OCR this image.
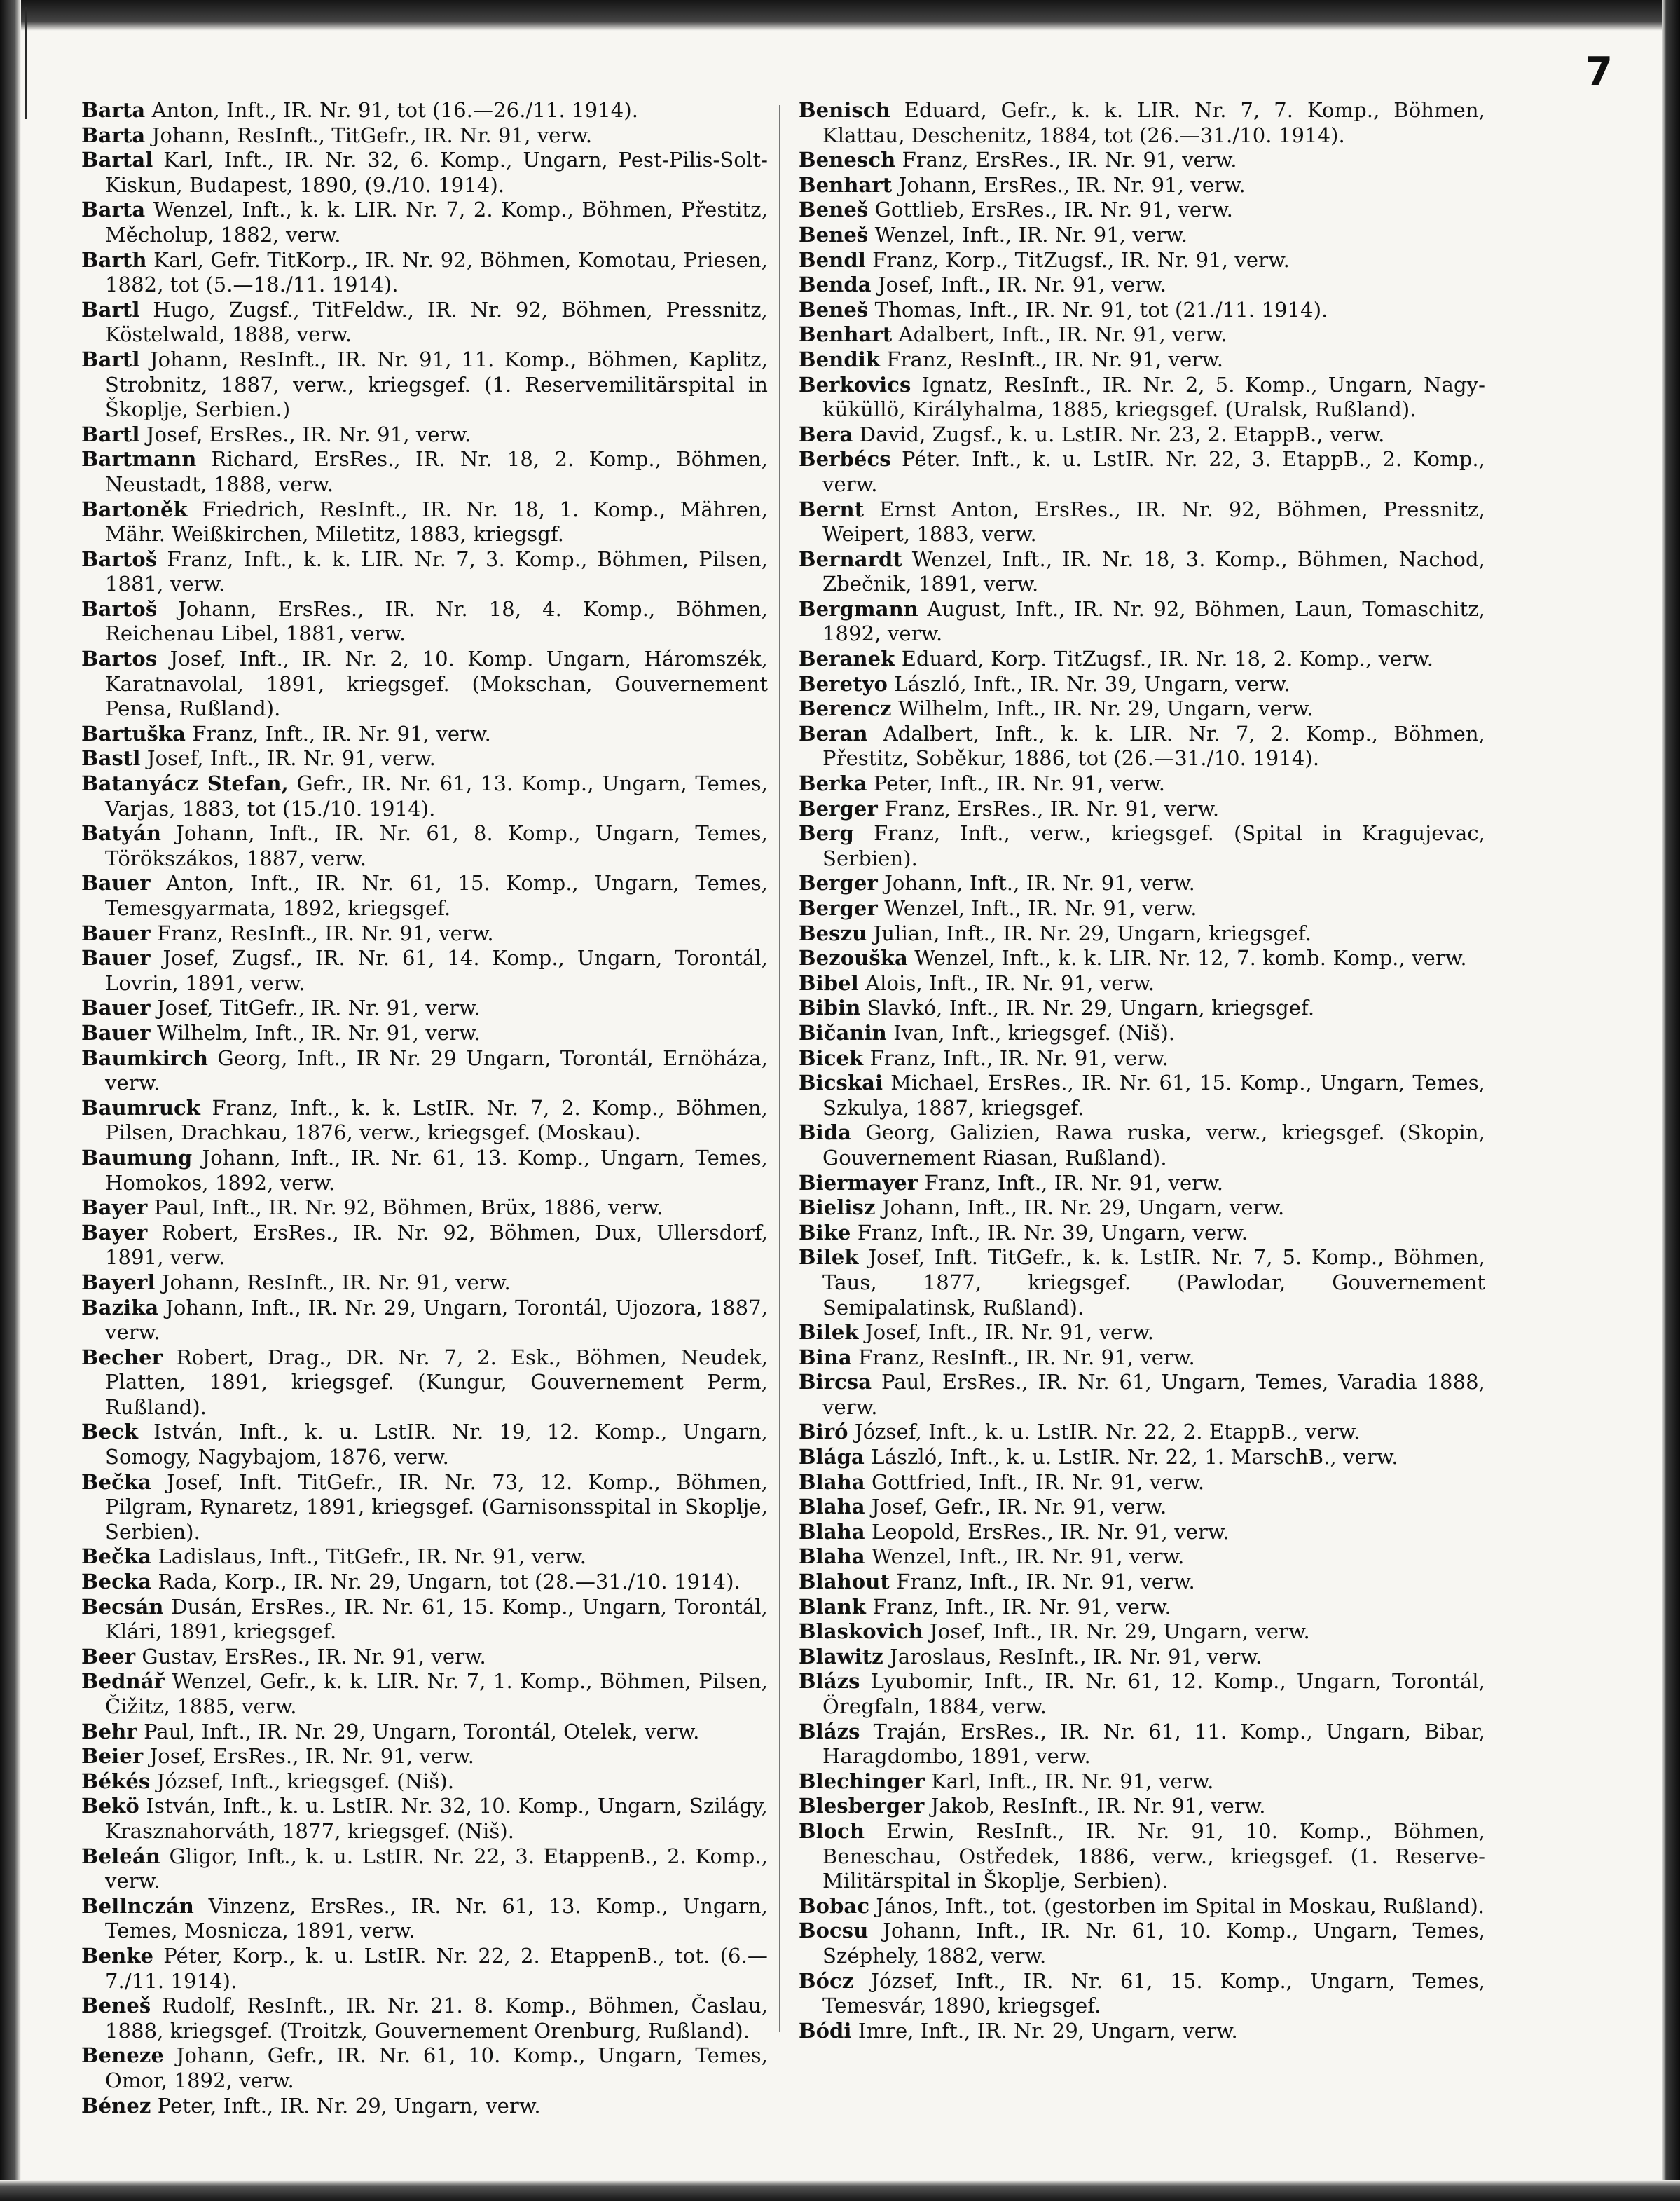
7
Barta Anton, Inft., IR. Nr. 91, tot (16.—26./11. 1914).
Barta Johann, ResInft., TitGefr., IR. Nr. 91, verw.
Bartal Karl, Inft., IR. Nr. 32, 6. Komp., Ungarn, Pest-Pilis-Solt-Kiskun, Budapest, 1890, (9./10. 1914).
Barta Wenzel, Inft., k. k. LIR. Nr. 7, 2. Komp., Böhmen, Přestitz, Měcholup, 1882, verw.
Barth Karl, Gefr. TitKorp., IR. Nr. 92, Böhmen, Komotau, Priesen, 1882, tot (5.—18./11. 1914).
Bartl Hugo, Zugsf., TitFeldw., IR. Nr. 92, Böhmen, Pressnitz, Köstelwald, 1888, verw.
Bartl Johann, ResInft., IR. Nr. 91, 11. Komp., Böhmen, Kaplitz, Strobnitz, 1887, verw., kriegsgef. (1. Reservemilitärspital in Škoplje, Serbien.)
Bartl Josef, ErsRes., IR. Nr. 91, verw.
Bartmann Richard, ErsRes., IR. Nr. 18, 2. Komp., Böhmen, Neustadt, 1888, verw.
Bartoněk Friedrich, ResInft., IR. Nr. 18, 1. Komp., Mähren, Mähr. Weißkirchen, Miletitz, 1883, kriegsgf.
Bartoš Franz, Inft., k. k. LIR. Nr. 7, 3. Komp., Böhmen, Pilsen, 1881, verw.
Bartoš Johann, ErsRes., IR. Nr. 18, 4. Komp., Böhmen, Reichenau Libel, 1881, verw.
Bartos Josef, Inft., IR. Nr. 2, 10. Komp. Ungarn, Háromszék, Karatnavolal, 1891, kriegsgef. (Mokschan, Gouvernement Pensa, Rußland).
Bartuška Franz, Inft., IR. Nr. 91, verw.
Bastl Josef, Inft., IR. Nr. 91, verw.
Batanyácz Stefan, Gefr., IR. Nr. 61, 13. Komp., Ungarn, Temes, Varjas, 1883, tot (15./10. 1914).
Batyán Johann, Inft., IR. Nr. 61, 8. Komp., Ungarn, Temes, Törökszákos, 1887, verw.
Bauer Anton, Inft., IR. Nr. 61, 15. Komp., Ungarn, Temes, Temesgyarmata, 1892, kriegsgef.
Bauer Franz, ResInft., IR. Nr. 91, verw.
Bauer Josef, Zugsf., IR. Nr. 61, 14. Komp., Ungarn, Torontál, Lovrin, 1891, verw.
Bauer Josef, TitGefr., IR. Nr. 91, verw.
Bauer Wilhelm, Inft., IR. Nr. 91, verw.
Baumkirch Georg, Inft., IR Nr. 29 Ungarn, Torontál, Ernöháza, verw.
Baumruck Franz, Inft., k. k. LstIR. Nr. 7, 2. Komp., Böhmen, Pilsen, Drachkau, 1876, verw., kriegsgef. (Moskau).
Baumung Johann, Inft., IR. Nr. 61, 13. Komp., Ungarn, Temes, Homokos, 1892, verw.
Bayer Paul, Inft., IR. Nr. 92, Böhmen, Brüx, 1886, verw.
Bayer Robert, ErsRes., IR. Nr. 92, Böhmen, Dux, Ullersdorf, 1891, verw.
Bayerl Johann, ResInft., IR. Nr. 91, verw.
Bazika Johann, Inft., IR. Nr. 29, Ungarn, Torontál, Ujozora, 1887, verw.
Becher Robert, Drag., DR. Nr. 7, 2. Esk., Böhmen, Neudek, Platten, 1891, kriegsgef. (Kungur, Gouvernement Perm, Rußland).
Beck István, Inft., k. u. LstIR. Nr. 19, 12. Komp., Ungarn, Somogy, Nagybajom, 1876, verw.
Bečka Josef, Inft. TitGefr., IR. Nr. 73, 12. Komp., Böhmen, Pilgram, Rynaretz, 1891, kriegsgef. (Garnisonsspital in Skoplje, Serbien).
Bečka Ladislaus, Inft., TitGefr., IR. Nr. 91, verw.
Becka Rada, Korp., IR. Nr. 29, Ungarn, tot (28.—31./10. 1914).
Becsán Dusán, ErsRes., IR. Nr. 61, 15. Komp., Ungarn, Torontál, Klári, 1891, kriegsgef.
Beer Gustav, ErsRes., IR. Nr. 91, verw.
Bednář Wenzel, Gefr., k. k. LIR. Nr. 7, 1. Komp., Böhmen, Pilsen, Čižitz, 1885, verw.
Behr Paul, Inft., IR. Nr. 29, Ungarn, Torontál, Otelek, verw.
Beier Josef, ErsRes., IR. Nr. 91, verw.
Békés József, Inft., kriegsgef. (Niš).
Bekö István, Inft., k. u. LstIR. Nr. 32, 10. Komp., Ungarn, Szilágy, Krasznahorváth, 1877, kriegsgef. (Niš).
Beleán Gligor, Inft., k. u. LstIR. Nr. 22, 3. EtappenB., 2. Komp., verw.
Bellnczán Vinzenz, ErsRes., IR. Nr. 61, 13. Komp., Ungarn, Temes, Mosnicza, 1891, verw.
Benke Péter, Korp., k. u. LstIR. Nr. 22, 2. EtappenB., tot. (6.—7./11. 1914).
Beneš Rudolf, ResInft., IR. Nr. 21. 8. Komp., Böhmen, Časlau, 1888, kriegsgef. (Troitzk, Gouvernement Orenburg, Rußland).
Beneze Johann, Gefr., IR. Nr. 61, 10. Komp., Ungarn, Temes, Omor, 1892, verw.
Bénez Peter, Inft., IR. Nr. 29, Ungarn, verw.
Benisch Eduard, Gefr., k. k. LIR. Nr. 7, 7. Komp., Böhmen, Klattau, Deschenitz, 1884, tot (26.—31./10. 1914).
Benesch Franz, ErsRes., IR. Nr. 91, verw.
Benhart Johann, ErsRes., IR. Nr. 91, verw.
Beneš Gottlieb, ErsRes., IR. Nr. 91, verw.
Beneš Wenzel, Inft., IR. Nr. 91, verw.
Bendl Franz, Korp., TitZugsf., IR. Nr. 91, verw.
Benda Josef, Inft., IR. Nr. 91, verw.
Beneš Thomas, Inft., IR. Nr. 91, tot (21./11. 1914).
Benhart Adalbert, Inft., IR. Nr. 91, verw.
Bendik Franz, ResInft., IR. Nr. 91, verw.
Berkovics Ignatz, ResInft., IR. Nr. 2, 5. Komp., Ungarn, Nagy-küküllö, Királyhalma, 1885, kriegsgef. (Uralsk, Rußland).
Bera David, Zugsf., k. u. LstIR. Nr. 23, 2. EtappB., verw.
Berbécs Péter. Inft., k. u. LstIR. Nr. 22, 3. EtappB., 2. Komp., verw.
Bernt Ernst Anton, ErsRes., IR. Nr. 92, Böhmen, Pressnitz, Weipert, 1883, verw.
Bernardt Wenzel, Inft., IR. Nr. 18, 3. Komp., Böhmen, Nachod, Zbečnik, 1891, verw.
Bergmann August, Inft., IR. Nr. 92, Böhmen, Laun, Tomaschitz, 1892, verw.
Beranek Eduard, Korp. TitZugsf., IR. Nr. 18, 2. Komp., verw.
Beretyo László, Inft., IR. Nr. 39, Ungarn, verw.
Berencz Wilhelm, Inft., IR. Nr. 29, Ungarn, verw.
Beran Adalbert, Inft., k. k. LIR. Nr. 7, 2. Komp., Böhmen, Přestitz, Soběkur, 1886, tot (26.—31./10. 1914).
Berka Peter, Inft., IR. Nr. 91, verw.
Berger Franz, ErsRes., IR. Nr. 91, verw.
Berg Franz, Inft., verw., kriegsgef. (Spital in Kragujevac, Serbien).
Berger Johann, Inft., IR. Nr. 91, verw.
Berger Wenzel, Inft., IR. Nr. 91, verw.
Beszu Julian, Inft., IR. Nr. 29, Ungarn, kriegsgef.
Bezouška Wenzel, Inft., k. k. LIR. Nr. 12, 7. komb. Komp., verw.
Bibel Alois, Inft., IR. Nr. 91, verw.
Bibin Slavkó, Inft., IR. Nr. 29, Ungarn, kriegsgef.
Bičanin Ivan, Inft., kriegsgef. (Niš).
Bicek Franz, Inft., IR. Nr. 91, verw.
Bicskai Michael, ErsRes., IR. Nr. 61, 15. Komp., Ungarn, Temes, Szkulya, 1887, kriegsgef.
Bida Georg, Galizien, Rawa ruska, verw., kriegsgef. (Skopin, Gouvernement Riasan, Rußland).
Biermayer Franz, Inft., IR. Nr. 91, verw.
Bielisz Johann, Inft., IR. Nr. 29, Ungarn, verw.
Bike Franz, Inft., IR. Nr. 39, Ungarn, verw.
Bilek Josef, Inft. TitGefr., k. k. LstIR. Nr. 7, 5. Komp., Böhmen, Taus, 1877, kriegsgef. (Pawlodar, Gouvernement Semipalatinsk, Rußland).
Bilek Josef, Inft., IR. Nr. 91, verw.
Bina Franz, ResInft., IR. Nr. 91, verw.
Bircsa Paul, ErsRes., IR. Nr. 61, Ungarn, Temes, Varadia 1888, verw.
Biró József, Inft., k. u. LstIR. Nr. 22, 2. EtappB., verw.
Blága László, Inft., k. u. LstIR. Nr. 22, 1. MarschB., verw.
Blaha Gottfried, Inft., IR. Nr. 91, verw.
Blaha Josef, Gefr., IR. Nr. 91, verw.
Blaha Leopold, ErsRes., IR. Nr. 91, verw.
Blaha Wenzel, Inft., IR. Nr. 91, verw.
Blahout Franz, Inft., IR. Nr. 91, verw.
Blank Franz, Inft., IR. Nr. 91, verw.
Blaskovich Josef, Inft., IR. Nr. 29, Ungarn, verw.
Blawitz Jaroslaus, ResInft., IR. Nr. 91, verw.
Blázs Lyubomir, Inft., IR. Nr. 61, 12. Komp., Ungarn, Torontál, Öregfaln, 1884, verw.
Blázs Traján, ErsRes., IR. Nr. 61, 11. Komp., Ungarn, Bibar, Haragdombo, 1891, verw.
Blechinger Karl, Inft., IR. Nr. 91, verw.
Blesberger Jakob, ResInft., IR. Nr. 91, verw.
Bloch Erwin, ResInft., IR. Nr. 91, 10. Komp., Böhmen, Beneschau, Ostředek, 1886, verw., kriegsgef. (1. Reserve-Militärspital in Škoplje, Serbien).
Bobac János, Inft., tot. (gestorben im Spital in Moskau, Rußland).
Bocsu Johann, Inft., IR. Nr. 61, 10. Komp., Ungarn, Temes, Széphely, 1882, verw.
Bócz József, Inft., IR. Nr. 61, 15. Komp., Ungarn, Temes, Temesvár, 1890, kriegsgef.
Bódi Imre, Inft., IR. Nr. 29, Ungarn, verw.
